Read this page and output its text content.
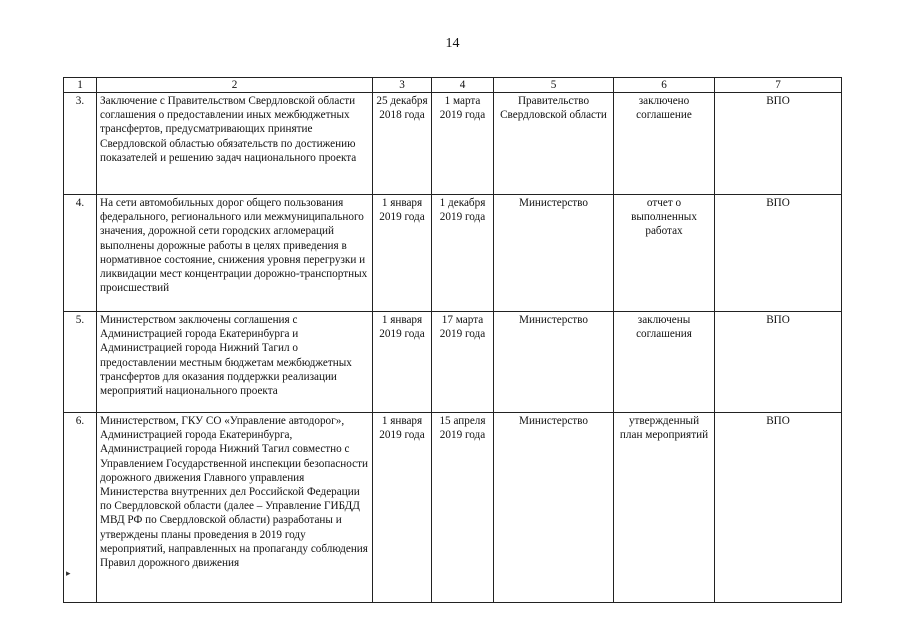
14
1	2	3	4	5	6	7
3.	Заключение с Правительством Свердловской области соглашения о предоставлении иных межбюджетных трансфертов, предусматривающих принятие Свердловской областью обязательств по достижению показателей и решению задач национального проекта	25 декабря 2018 года	1 марта 2019 года	Правительство Свердловской области	заключено соглашение	ВПО
4.	На сети автомобильных дорог общего пользования федерального, регионального или межмуниципального значения, дорожной сети городских агломераций выполнены дорожные работы в целях приведения в нормативное состояние, снижения уровня перегрузки и ликвидации мест концентрации дорожно-транспортных происшествий	1 января 2019 года	1 декабря 2019 года	Министерство	отчет о выполненных работах	ВПО
5.	Министерством заключены соглашения с Администрацией города Екатеринбурга и Администрацией города Нижний Тагил о предоставлении местным бюджетам межбюджетных трансфертов для оказания поддержки реализации мероприятий национального проекта	1 января 2019 года	17 марта 2019 года	Министерство	заключены соглашения	ВПО
6.	Министерством, ГКУ СО «Управление автодорог», Администрацией города Екатеринбурга, Администрацией города Нижний Тагил совместно с Управлением Государственной инспекции безопасности дорожного движения Главного управления Министерства внутренних дел Российской Федерации по Свердловской области (далее – Управление ГИБДД МВД РФ по Свердловской области) разработаны и утверждены планы проведения в 2019 году мероприятий, направленных на пропаганду соблюдения Правил дорожного движения	1 января 2019 года	15 апреля 2019 года	Министерство	утвержденный план мероприятий	ВПО
▸
